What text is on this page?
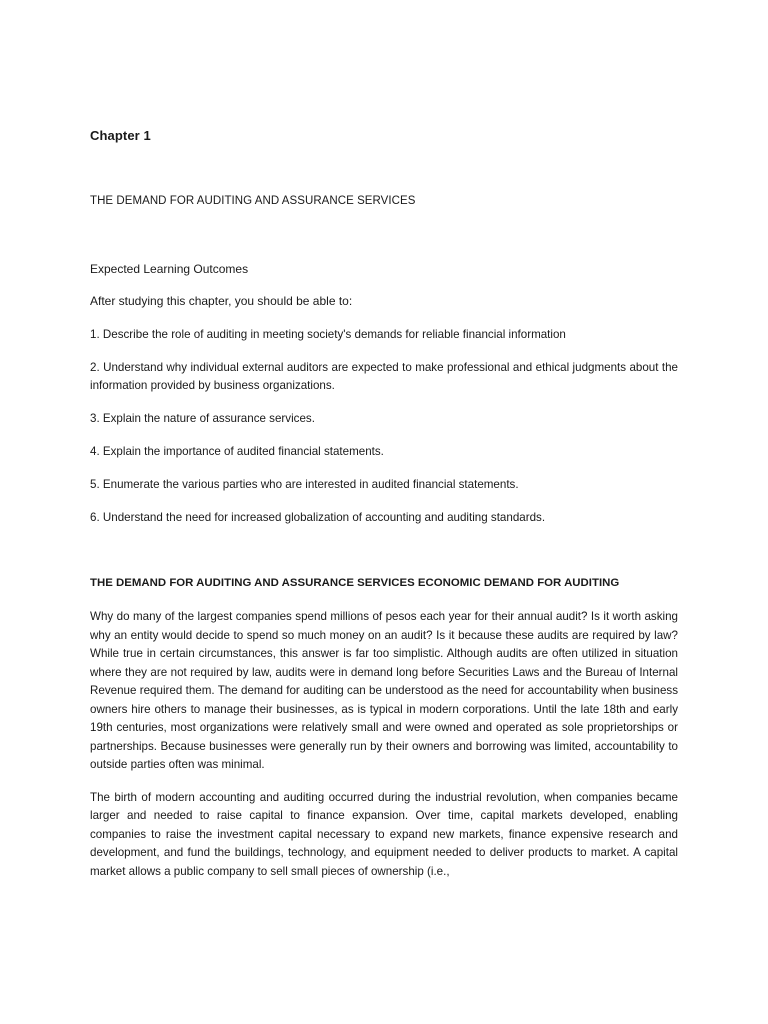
Chapter 1
THE DEMAND FOR AUDITING AND ASSURANCE SERVICES
Expected Learning Outcomes
After studying this chapter, you should be able to:
1. Describe the role of auditing in meeting society's demands for reliable financial information
2. Understand why individual external auditors are expected to make professional and ethical judgments about the information provided by business organizations.
3. Explain the nature of assurance services.
4. Explain the importance of audited financial statements.
5. Enumerate the various parties who are interested in audited financial statements.
6. Understand the need for increased globalization of accounting and auditing standards.
THE DEMAND FOR AUDITING AND ASSURANCE SERVICES ECONOMIC DEMAND FOR AUDITING

Why do many of the largest companies spend millions of pesos each year for their annual audit? Is it worth asking why an entity would decide to spend so much money on an audit? Is it because these audits are required by law? While true in certain circumstances, this answer is far too simplistic. Although audits are often utilized in situation where they are not required by law, audits were in demand long before Securities Laws and the Bureau of Internal Revenue required them. The demand for auditing can be understood as the need for accountability when business owners hire others to manage their businesses, as is typical in modern corporations. Until the late 18th and early 19th centuries, most organizations were relatively small and were owned and operated as sole proprietorships or partnerships. Because businesses were generally run by their owners and borrowing was limited, accountability to outside parties often was minimal.

The birth of modern accounting and auditing occurred during the industrial revolution, when companies became larger and needed to raise capital to finance expansion. Over time, capital markets developed, enabling companies to raise the investment capital necessary to expand new markets, finance expensive research and development, and fund the buildings, technology, and equipment needed to deliver products to market. A capital market allows a public company to sell small pieces of ownership (i.e.,
